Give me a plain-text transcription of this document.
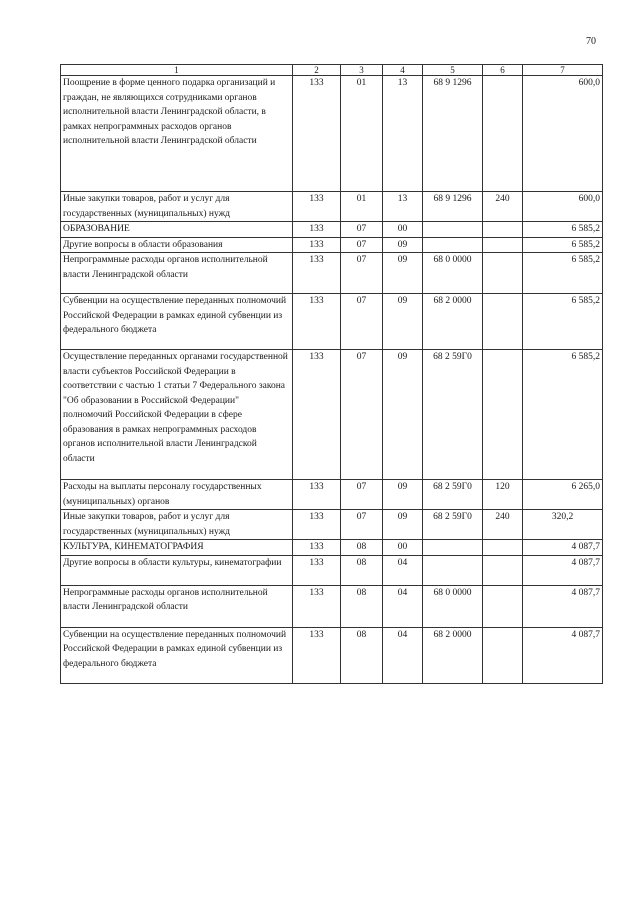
70
1	2	3	4	5	6	7
Поощрение в форме ценного подарка организаций и граждан, не являющихся сотрудниками органов исполнительной власти Ленинградской области, в рамках непрограммных расходов органов исполнительной власти Ленинградской области	133	01	13	68 9 1296		600,0
Иные закупки товаров, работ и услуг для государственных (муниципальных) нужд	133	01	13	68 9 1296	240	600,0
ОБРАЗОВАНИЕ	133	07	00			6 585,2
Другие вопросы в области образования	133	07	09			6 585,2
Непрограммные расходы органов исполнительной власти Ленинградской области	133	07	09	68 0 0000		6 585,2
Субвенции на осуществление переданных полномочий Российской Федерации в рамках единой субвенции из федерального бюджета	133	07	09	68 2 0000		6 585,2
Осуществление переданных органами государственной власти субъектов Российской Федерации в соответствии с частью 1 статьи 7 Федерального закона "Об образовании в Российской Федерации" полномочий Российской Федерации в сфере образования в рамках непрограммных расходов органов исполнительной власти Ленинградской области	133	07	09	68 2 59Г0		6 585,2
Расходы на выплаты персоналу государственных (муниципальных) органов	133	07	09	68 2 59Г0	120	6 265,0
Иные закупки товаров, работ и услуг для государственных (муниципальных) нужд	133	07	09	68 2 59Г0	240	320,2
КУЛЬТУРА, КИНЕМАТОГРАФИЯ	133	08	00			4 087,7
Другие вопросы в области культуры, кинематографии	133	08	04			4 087,7
Непрограммные расходы органов исполнительной власти Ленинградской области	133	08	04	68 0 0000		4 087,7
Субвенции на осуществление переданных полномочий Российской Федерации в рамках единой субвенции из федерального бюджета	133	08	04	68 2 0000		4 087,7
